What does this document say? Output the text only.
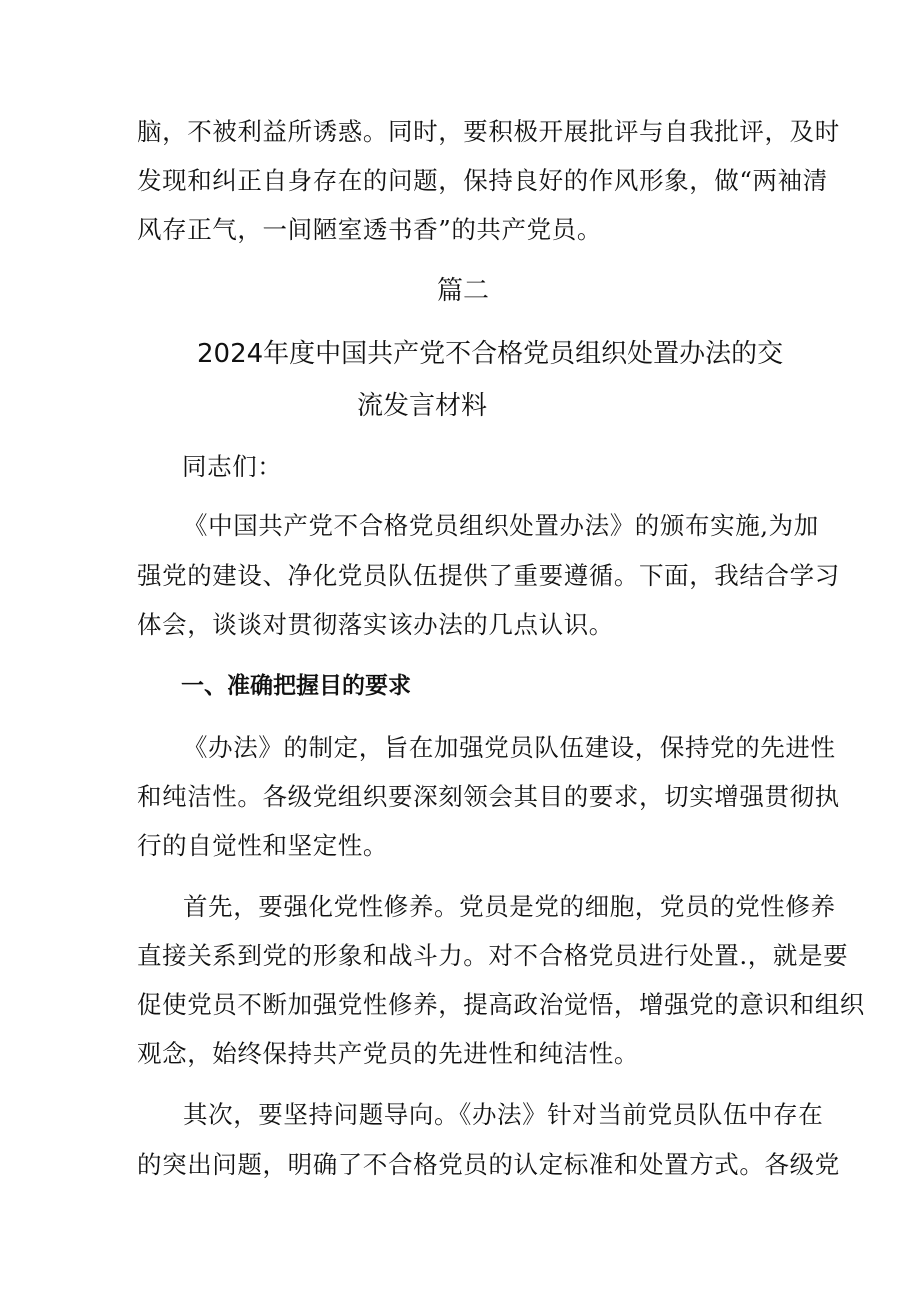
脑，不被利益所诱惑。同时，要积极开展批评与自我批评，及时
发现和纠正自身存在的问题，保持良好的作风形象，做“两袖清
风存正气，一间陋室透书香”的共产党员。
篇二
2024年度中国共产党不合格党员组织处置办法的交
流发言材料
同志们：
《中国共产党不合格党员组织处置办法》的颁布实施,为加
强党的建设、净化党员队伍提供了重要遵循。下面，我结合学习
体会，谈谈对贯彻落实该办法的几点认识。
一、准确把握目的要求
《办法》的制定，旨在加强党员队伍建设，保持党的先进性
和纯洁性。各级党组织要深刻领会其目的要求，切实增强贯彻执
行的自觉性和坚定性。
首先，要强化党性修养。党员是党的细胞，党员的党性修养
直接关系到党的形象和战斗力。对不合格党员进行处置.，就是要
促使党员不断加强党性修养，提高政治觉悟，增强党的意识和组织
观念，始终保持共产党员的先进性和纯洁性。
其次，要坚持问题导向。《办法》针对当前党员队伍中存在
的突出问题，明确了不合格党员的认定标准和处置方式。各级党
